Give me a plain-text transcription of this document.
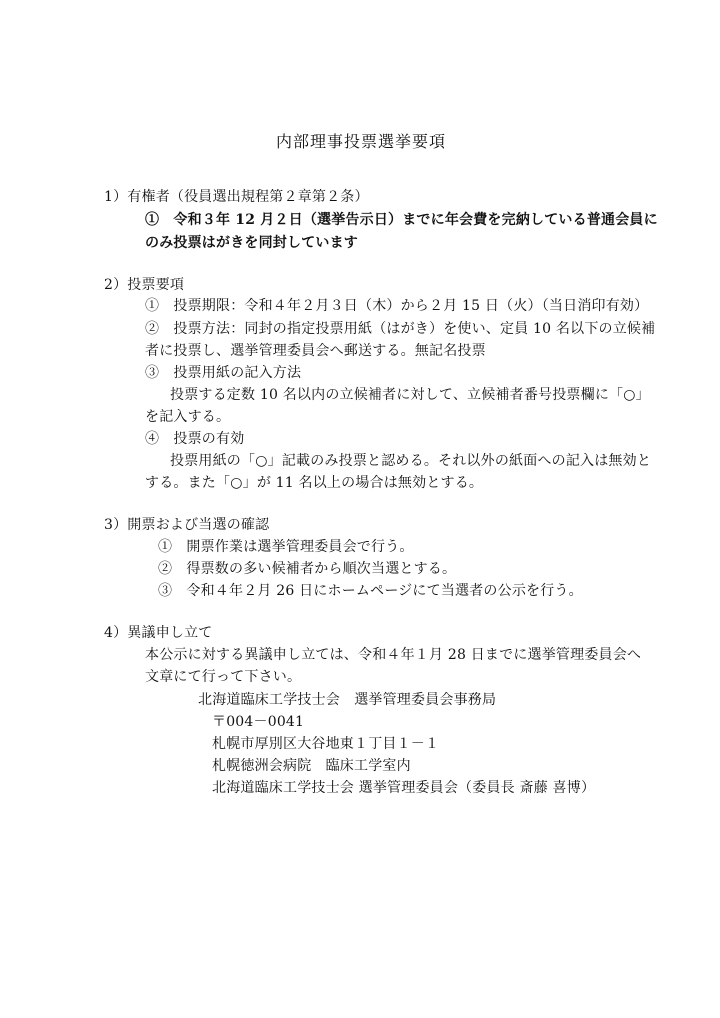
内部理事投票選挙要項
1）有権者（役員選出規程第２章第２条）
①　令和３年 12 月２日（選挙告示日）までに年会費を完納している普通会員に
のみ投票はがきを同封しています
2）投票要項
①　投票期限：令和４年２月３日（木）から２月 15 日（火）（当日消印有効）
②　投票方法：同封の指定投票用紙（はがき）を使い、定員 10 名以下の立候補
者に投票し、選挙管理委員会へ郵送する。無記名投票
③　投票用紙の記入方法
投票する定数 10 名以内の立候補者に対して、立候補者番号投票欄に「○」
を記入する。
④　投票の有効
投票用紙の「○」記載のみ投票と認める。それ以外の紙面への記入は無効と
する。また「○」が 11 名以上の場合は無効とする。
3）開票および当選の確認
①　開票作業は選挙管理委員会で行う。
②　得票数の多い候補者から順次当選とする。
③　令和４年２月 26 日にホームページにて当選者の公示を行う。
4）異議申し立て
本公示に対する異議申し立ては、令和４年１月 28 日までに選挙管理委員会へ
文章にて行って下さい。
北海道臨床工学技士会　選挙管理委員会事務局
〒004－0041
札幌市厚別区大谷地東１丁目１－１
札幌徳洲会病院　臨床工学室内
北海道臨床工学技士会 選挙管理委員会（委員長 斎藤 喜博）
